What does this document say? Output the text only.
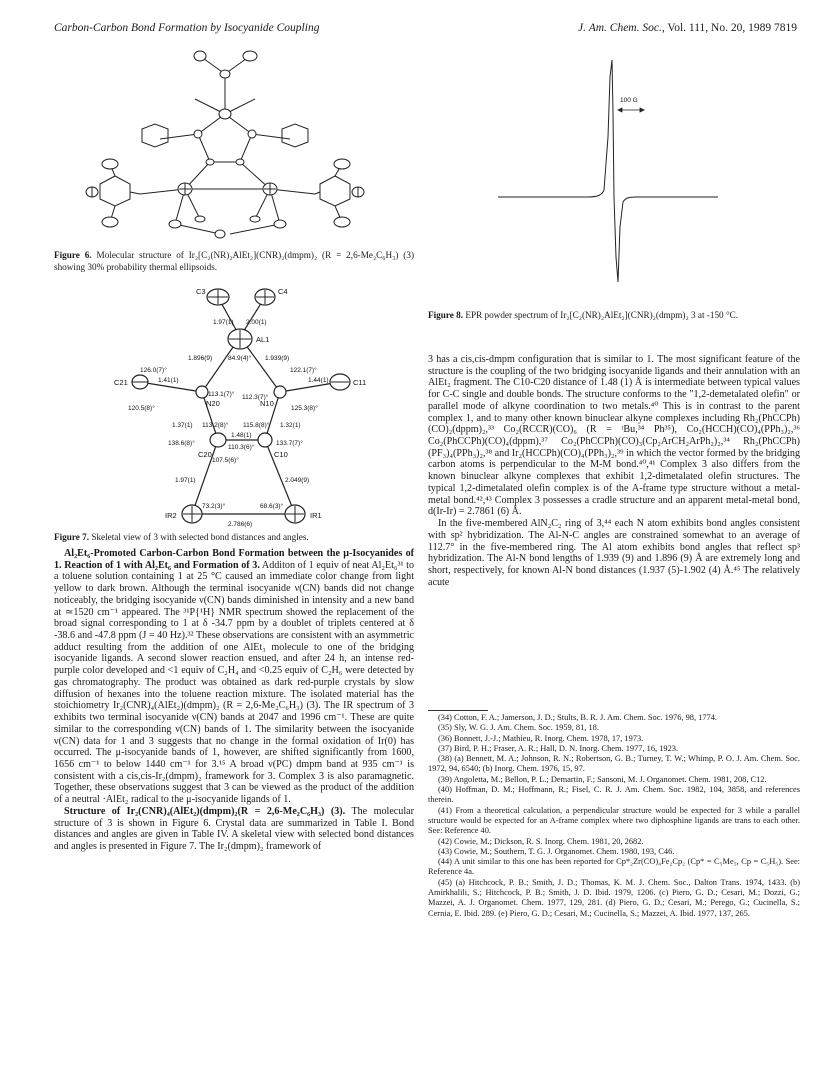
Carbon-Carbon Bond Formation by Isocyanide Coupling	J. Am. Chem. Soc., Vol. 111, No. 20, 1989 7819
Figure 6. Molecular structure of Ir₂[C₂(NR)₂AlEt₂](CNR)₂(dmpm)₂ (R = 2,6-Me₂C₆H₃) (3) showing 30% probability thermal ellipsoids.
C3	C4
AL1
C21	C11
N20	N10
C20	C10
IR2	IR1
1.97(1) 2.00(1)
1.896(9) 84.9(4)° 1.939(9)
126.0(7)°
1.41(1)
120.5(8)°
113.1(7)° 112.3(7)°
122.1(7)°
1.44(1)
125.3(8)°
1.37(1) 113.2(8)° 115.8(8)° 1.32(1)
1.48(1)
110.3(6)°
138.6(8)°
107.5(6)°
133.7(7)°
1.97(1)	2.049(9)
73.2(3)°	68.6(3)°
2.786(6)
Figure 7. Skeletal view of 3 with selected bond distances and angles.

Al₂Et₆-Promoted Carbon-Carbon Bond Formation between the μ-Isocyanides of 1. Reaction of 1 with Al₂Et₆ and Formation of 3. Additon of 1 equiv of neat Al₂Et₆³¹ to a toluene solution containing 1 at 25 °C caused an immediate color change from light yellow to dark brown. Although the terminal isocyanide ν(CN) bands did not change noticeably, the bridging isocyanide ν(CN) bands diminished in intensity and a new band at ≃1520 cm⁻¹ appeared. The ³¹P{¹H} NMR spectrum showed the replacement of the broad signal corresponding to 1 at δ -34.7 ppm by a doublet of triplets centered at δ -38.6 and -47.8 ppm (J = 40 Hz).³² These observations are consistent with an asymmetric adduct resulting from the addition of one AlEt₃ molecule to one of the bridging isocyanide ligands. A second slower reaction ensued, and after 24 h, an intense red-purple color developed and <1 equiv of C₂H₄ and <0.25 equiv of C₂H₆ were detected by gas chromatography. The product was obtained as dark red-purple crystals by slow diffusion of hexanes into the toluene reaction mixture. The isolated material has the stoichiometry Ir₂(CNR)₄(AlEt₂)(dmpm)₂ (R = 2,6-Me₂C₆H₃) (3). The IR spectrum of 3 exhibits two terminal isocyanide ν(CN) bands at 2047 and 1996 cm⁻¹. These are quite similar to the corresponding ν(CN) bands of 1. The similarity between the isocyanide ν(CN) data for 1 and 3 suggests that no change in the formal oxidation of Ir(0) has occurred. The μ-isocyanide bands of 1, however, are shifted significantly from 1600, 1656 cm⁻¹ to below 1440 cm⁻¹ for 3.¹⁵ A broad ν(PC) dmpm band at 935 cm⁻¹ is consistent with a cis,cis-Ir₂(dmpm)₂ framework for 3. Complex 3 is also paramagnetic. Together, these observations suggest that 3 can be viewed as the product of the addition of a neutral ·AlEt₂ radical to the μ-isocyanide ligands of 1.

Structure of Ir₂(CNR)₄(AlEt₂)(dmpm)₂(R = 2,6-Me₂C₆H₃) (3). The molecular structure of 3 is shown in Figure 6. Crystal data are summarized in Table I. Bond distances and angles are given in Table IV. A skeletal view with selected bond distances and angles is presented in Figure 7. The Ir₂(dmpm)₂ framework of

100 G
Figure 8. EPR powder spectrum of Ir₂[C₂(NR)₂AlEt₂](CNR)₂(dmpm)₂ 3 at -150 °C.

3 has a cis,cis-dmpm configuration that is similar to 1. The most significant feature of the structure is the coupling of the two bridging isocyanide ligands and their annulation with an AlEt₂ fragment. The C10-C20 distance of 1.48 (1) Å is intermediate between typical values for C-C single and double bonds. The structure conforms to the "1,2-demetalated olefin" or parallel mode of alkyne coordination to two metals.⁴⁰ This is in contrast to the parent complex 1, and to many other known binuclear alkyne complexes including Rh₂(PhCCPh)(CO)₂(dppm)₂,³³ Co₂(RCCR)(CO)₆ (R = ᵗBu,³⁴ Ph³⁵), Co₂(HCCH)(CO)₄(PPh₃)₂,³⁶ Co₂(PhCCPh)(CO)₄(dppm),³⁷ Co₂(PhCCPh)(CO)₃(Cp₂ArCH₂ArPh₂)₂,³⁴ Rh₂(PhCCPh)(PF₃)₄(PPh₃)₂,³⁸ and Ir₂(HCCPh)(CO)₄(PPh₃)₂,³⁹ in which the vector formed by the bridging carbon atoms is perpendicular to the M-M bond.⁴⁰,⁴¹ Complex 3 also differs from the known binuclear alkyne complexes that exhibit 1,2-dimetalated olefin structures. The typical 1,2-dimetalated olefin complex is of the A-frame type structure without a metal-metal bond.⁴²,⁴³ Complex 3 possesses a cradle structure and an apparent metal-metal bond, d(Ir-Ir) = 2.7861 (6) Å.

In the five-membered AlN₂C₂ ring of 3,⁴⁴ each N atom exhibits bond angles consistent with sp² hybridization. The Al-N-C angles are constrained somewhat to an average of 112.7° in the five-membered ring. The Al atom exhibits bond angles that reflect sp³ hybridization. The Al-N bond lengths of 1.939 (9) and 1.896 (9) Å are extremely long and short, respectively, for known Al-N bond distances (1.937 (5)-1.902 (4) Å.⁴⁵ The relatively acute

(34) Cotton, F. A.; Jamerson, J. D.; Stults, B. R. J. Am. Chem. Soc. 1976, 98, 1774.
(35) Sly, W. G. J. Am. Chem. Soc. 1959, 81, 18.
(36) Bonnett, J.-J.; Mathieu, R. Inorg. Chem. 1978, 17, 1973.
(37) Bird, P. H.; Fraser, A. R.; Hall, D. N. Inorg. Chem. 1977, 16, 1923.
(38) (a) Bennett, M. A.; Johnson, R. N.; Robertson, G. B.; Turney, T. W.; Whimp, P. O. J. Am. Chem. Soc. 1972, 94, 6540; (b) Inorg. Chem. 1976, 15, 97.
(39) Angoletta, M.; Bellon, P. L.; Demartin, F.; Sansoni, M. J. Organomet. Chem. 1981, 208, C12.
(40) Hoffman, D. M.; Hoffmann, R.; Fisel, C. R. J. Am. Chem. Soc. 1982, 104, 3858, and references therein.
(41) From a theoretical calculation, a perpendicular structure would be expected for 3 while a parallel structure would be expected for an A-frame complex where two diphosphine ligands are trans to each other. See: Reference 40.
(42) Cowie, M.; Dickson, R. S. Inorg. Chem. 1981, 20, 2682.
(43) Cowie, M.; Southern, T. G. J. Organomet. Chem. 1980, 193, C46.
(44) A unit similar to this one has been reported for Cp*₂Zr(CO)₄Fe₂Cp₂ (Cp* = C₅Me₅, Cp = C₅H₅). See: Reference 4a.
(45) (a) Hitchcock, P. B.; Smith, J. D.; Thomas, K. M. J. Chem. Soc., Dalton Trans. 1974, 1433. (b) Amirkhalili, S.; Hitchcock, P. B.; Smith, J. D. Ibid. 1979, 1206. (c) Piero, G. D.; Cesari, M.; Dozzi, G.; Mazzei, A. J. Organomet. Chem. 1977, 129, 281. (d) Piero, G. D.; Cesari, M.; Perego, G.; Cucinella, S.; Cernia, E. Ibid. 289. (e) Piero, G. D.; Cesari, M.; Cucinella, S.; Mazzei, A. Ibid. 1977, 137, 265.
